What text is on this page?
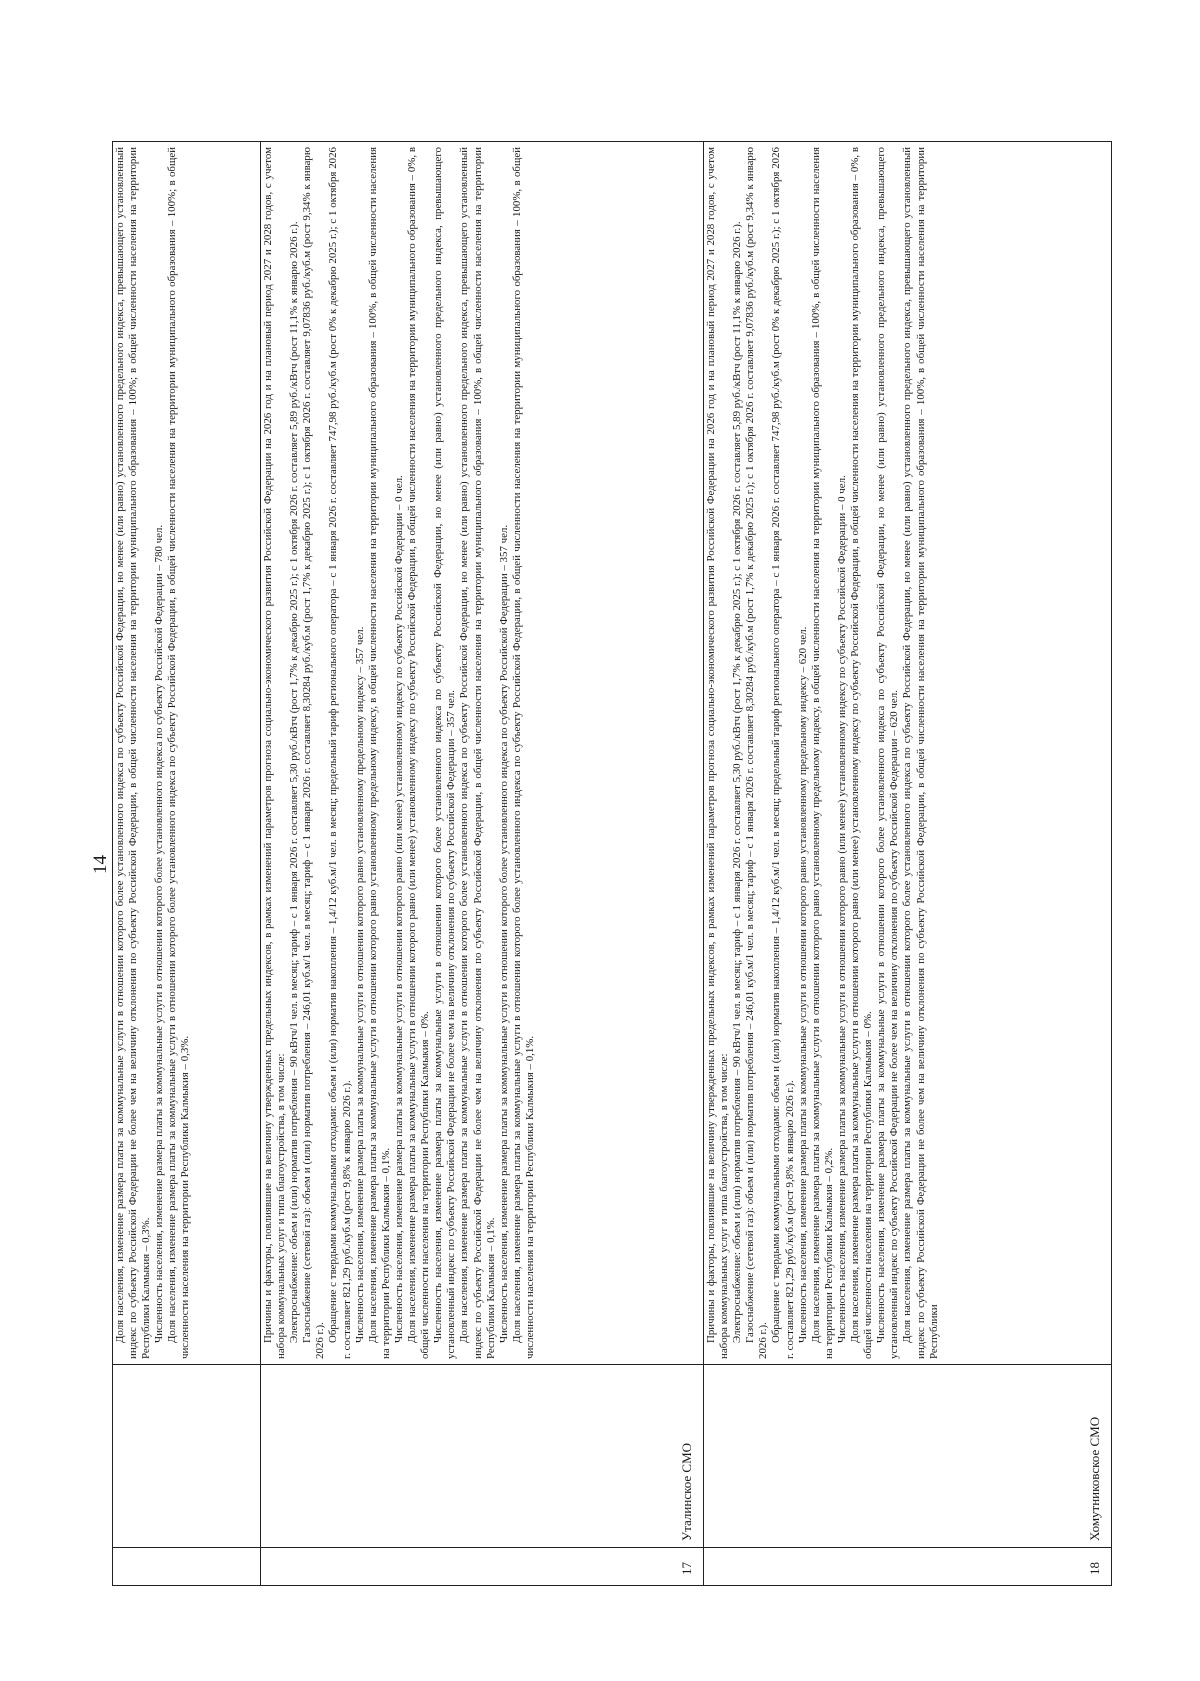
14 Доля населения, изменение размера платы за коммунальные услуги в отношении которого более установленного индекса по субъекту Российской Федерации, но менее (или равно) установленного предельного индекса, превышающего установленный индекс по субъекту Российской Федерации не более чем на величину отклонения по субъекту Российской Федерации, в общей численности населения на территории муниципального образования – 100%; в общей численности населения на территории Республики Калмыкия – 0,3%. Численность населения, изменение размера платы за коммунальные услуги в отношении которого более установленного индекса по субъекту Российской Федерации – 780 чел. Доля населения, изменение размера платы за коммунальные услуги в отношении которого более установленного индекса по субъекту Российской Федерации, в общей численности населения на территории муниципального образования – 100%; в общей численности населения на территории Республики Калмыкия – 0,3%.

17
Уталинское СМО

Причины и факторы, повлиявшие на величину утвержденных предельных индексов, в рамках изменений параметров прогноза социально-экономического развития Российской Федерации на 2026 год и на плановый период 2027 и 2028 годов, с учетом набора коммунальных услуг и типа благоустройства, в том числе: Электроснабжение: объем и (или) норматив потребления – 90 кВтч/1 чел. в месяц; тариф – с 1 января 2026 г. составляет 5,30 руб./кВтч (рост 1,7% к декабрю 2025 г.); с 1 октября 2026 г. составляет 5,89 руб./кВтч (рост 11,1% к январю 2026 г.). Газоснабжение (сетевой газ): объем и (или) норматив потребления – 246,01 куб.м/1 чел. в месяц; тариф – с 1 января 2026 г. составляет 8,30284 руб./куб.м (рост 1,7% к декабрю 2025 г.); с 1 октября 2026 г. составляет 9,07836 руб./куб.м (рост 9,34% к январю 2026 г.). Обращение с твердыми коммунальными отходами: объем и (или) норматив накопления – 1,4/12 куб.м/1 чел. в месяц; предельный тариф регионального оператора – с 1 января 2026 г. составляет 747,98 руб./куб.м (рост 0% к декабрю 2025 г.); с 1 октября 2026 г. составляет 821,29 руб./куб.м (рост 9,8% к январю 2026 г.). Численность населения, изменение размера платы за коммунальные услуги в отношении которого равно установленному предельному индексу – 357 чел. Доля населения, изменение размера платы за коммунальные услуги в отношении которого равно установленному предельному индексу, в общей численности населения на территории муниципального образования – 100%, в общей численности населения на территории Республики Калмыкия – 0,1%. Численность населения, изменение размера платы за коммунальные услуги в отношении которого равно (или менее) установленному индексу по субъекту Российской Федерации – 0 чел. Доля населения, изменение размера платы за коммунальные услуги в отношении которого равно (или менее) установленному индексу по субъекту Российской Федерации, в общей численности населения на территории муниципального образования – 0%, в общей численности населения на территории Республики Калмыкия – 0%. Численность населения, изменение размера платы за коммунальные услуги в отношении которого более установленного индекса по субъекту Российской Федерации, но менее (или равно) установленного предельного индекса, превышающего установленный индекс по субъекту Российской Федерации не более чем на величину отклонения по субъекту Российской Федерации – 357 чел. Доля населения, изменение размера платы за коммунальные услуги в отношении которого более установленного индекса по субъекту Российской Федерации, но менее (или равно) установленного предельного индекса, превышающего установленный индекс по субъекту Российской Федерации не более чем на величину отклонения по субъекту Российской Федерации, в общей численности населения на территории муниципального образования – 100%, в общей численности населения на территории Республики Калмыкия – 0,1%. Численность населения, изменение размера платы за коммунальные услуги в отношении которого более установленного индекса по субъекту Российской Федерации – 357 чел. Доля населения, изменение размера платы за коммунальные услуги в отношении которого более установленного индекса по субъекту Российской Федерации, в общей численности населения на территории муниципального образования – 100%, в общей численности населения на территории Республики Калмыкия – 0,1%.

18
Хомутниковское СМО

Причины и факторы, повлиявшие на величину утвержденных предельных индексов, в рамках изменений параметров прогноза социально-экономического развития Российской Федерации на 2026 год и на плановый период 2027 и 2028 годов, с учетом набора коммунальных услуг и типа благоустройства, в том числе: Электроснабжение: объем и (или) норматив потребления – 90 кВтч/1 чел. в месяц; тариф – с 1 января 2026 г. составляет 5,30 руб./кВтч (рост 1,7% к декабрю 2025 г.); с 1 октября 2026 г. составляет 5,89 руб./кВтч (рост 11,1% к январю 2026 г.). Газоснабжение (сетевой газ): объем и (или) норматив потребления – 246,01 куб.м/1 чел. в месяц; тариф – с 1 января 2026 г. составляет 8,30284 руб./куб.м (рост 1,7% к декабрю 2025 г.); с 1 октября 2026 г. составляет 9,07836 руб./куб.м (рост 9,34% к январю 2026 г.). Обращение с твердыми коммунальными отходами: объем и (или) норматив накопления – 1,4/12 куб.м/1 чел. в месяц; предельный тариф регионального оператора – с 1 января 2026 г. составляет 747,98 руб./куб.м (рост 0% к декабрю 2025 г.); с 1 октября 2026 г. составляет 821,29 руб./куб.м (рост 9,8% к январю 2026 г.). Численность населения, изменение размера платы за коммунальные услуги в отношении которого равно установленному предельному индексу – 620 чел. Доля населения, изменение размера платы за коммунальные услуги в отношении которого равно установленному предельному индексу, в общей численности населения на территории муниципального образования – 100%, в общей численности населения на территории Республики Калмыкия – 0,2%. Численность населения, изменение размера платы за коммунальные услуги в отношении которого равно (или менее) установленному индексу по субъекту Российской Федерации – 0 чел. Доля населения, изменение размера платы за коммунальные услуги в отношении которого равно (или менее) установленному индексу по субъекту Российской Федерации, в общей численности населения на территории муниципального образования – 0%, в общей численности населения на территории Республики Калмыкия – 0%. Численность населения, изменение размера платы за коммунальные услуги в отношении которого более установленного индекса по субъекту Российской Федерации, но менее (или равно) установленного предельного индекса, превышающего установленный индекс по субъекту Российской Федерации не более чем на величину отклонения по субъекту Российской Федерации – 620 чел. Доля населения, изменение размера платы за коммунальные услуги в отношении которого более установленного индекса по субъекту Российской Федерации, но менее (или равно) установленного предельного индекса, превышающего установленный индекс по субъекту Российской Федерации не более чем на величину отклонения по субъекту Российской Федерации, в общей численности населения на территории муниципального образования – 100%, в общей численности населения на территории Республики
